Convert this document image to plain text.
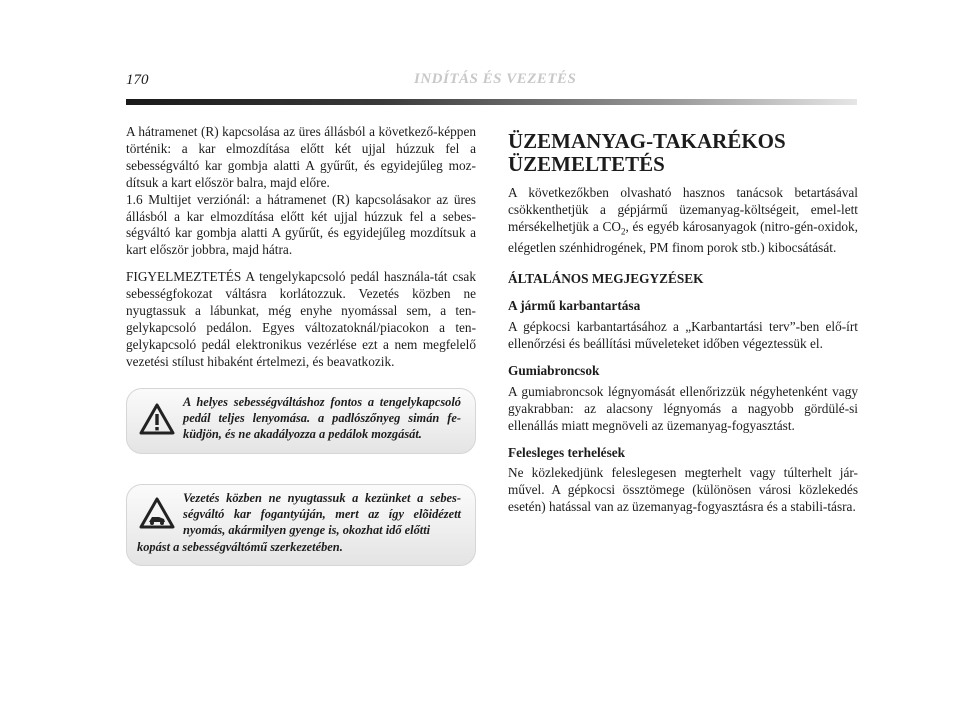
170	INDÍTÁS ÉS VEZETÉS

A hátramenet (R) kapcsolása az üres állásból a következő-képpen történik: a kar elmozdítása előtt két ujjal húzzuk fel a sebességváltó kar gombja alatti A gyűrűt, és egyidejűleg moz-dítsuk a kart először balra, majd előre.

1.6 Multijet verziónál: a hátramenet (R) kapcsolásakor az üres állásból a kar elmozdítása előtt két ujjal húzzuk fel a sebes-ségváltó kar gombja alatti A gyűrűt, és egyidejűleg mozdítsuk a kart először jobbra, majd hátra.

FIGYELMEZTETÉS A tengelykapcsoló pedál használa-tát csak sebességfokozat váltásra korlátozzuk. Vezetés közben ne nyugtassuk a lábunkat, még enyhe nyomással sem, a ten-gelykapcsoló pedálon. Egyes változatoknál/piacokon a ten-gelykapcsoló pedál elektronikus vezérlése ezt a nem megfelelő vezetési stílust hibaként értelmezi, és beavatkozik.

A helyes sebességváltáshoz fontos a tengelykapcsoló pedál teljes lenyomása. a padlószőnyeg simán fe-küdjön, és ne akadályozza a pedálok mozgását.
Vezetés közben ne nyugtassuk a kezünket a sebes-ségváltó kar fogantyúján, mert az így elõidézett nyomás, akármilyen gyenge is, okozhat idő előtti
kopást a sebességváltómű szerkezetében.
ÜZEMANYAG-TAKARÉKOS ÜZEMELTETÉS

A következőkben olvasható hasznos tanácsok betartásával csökkenthetjük a gépjármű üzemanyag-költségeit, emel-lett mérsékelhetjük a $CO_2$, és egyéb károsanyagok (nitro-gén-oxidok, elégetlen szénhidrogének, PM finom porok stb.) kibocsátását.

ÁLTALÁNOS MEGJEGYZÉSEK
A jármű karbantartása

A gépkocsi karbantartásához a „Karbantartási terv”-ben elő-írt ellenőrzési és beállítási műveleteket időben végeztessük el.

Gumiabroncsok

A gumiabroncsok légnyomását ellenőrizzük négyhetenként vagy gyakrabban: az alacsony légnyomás a nagyobb gördülé-si ellenállás miatt megnöveli az üzemanyag-fogyasztást.

Felesleges terhelések

Ne közlekedjünk feleslegesen megterhelt vagy túlterhelt jár-művel. A gépkocsi össztömege (különösen városi közlekedés esetén) hatással van az üzemanyag-fogyasztásra és a stabili-tásra.
